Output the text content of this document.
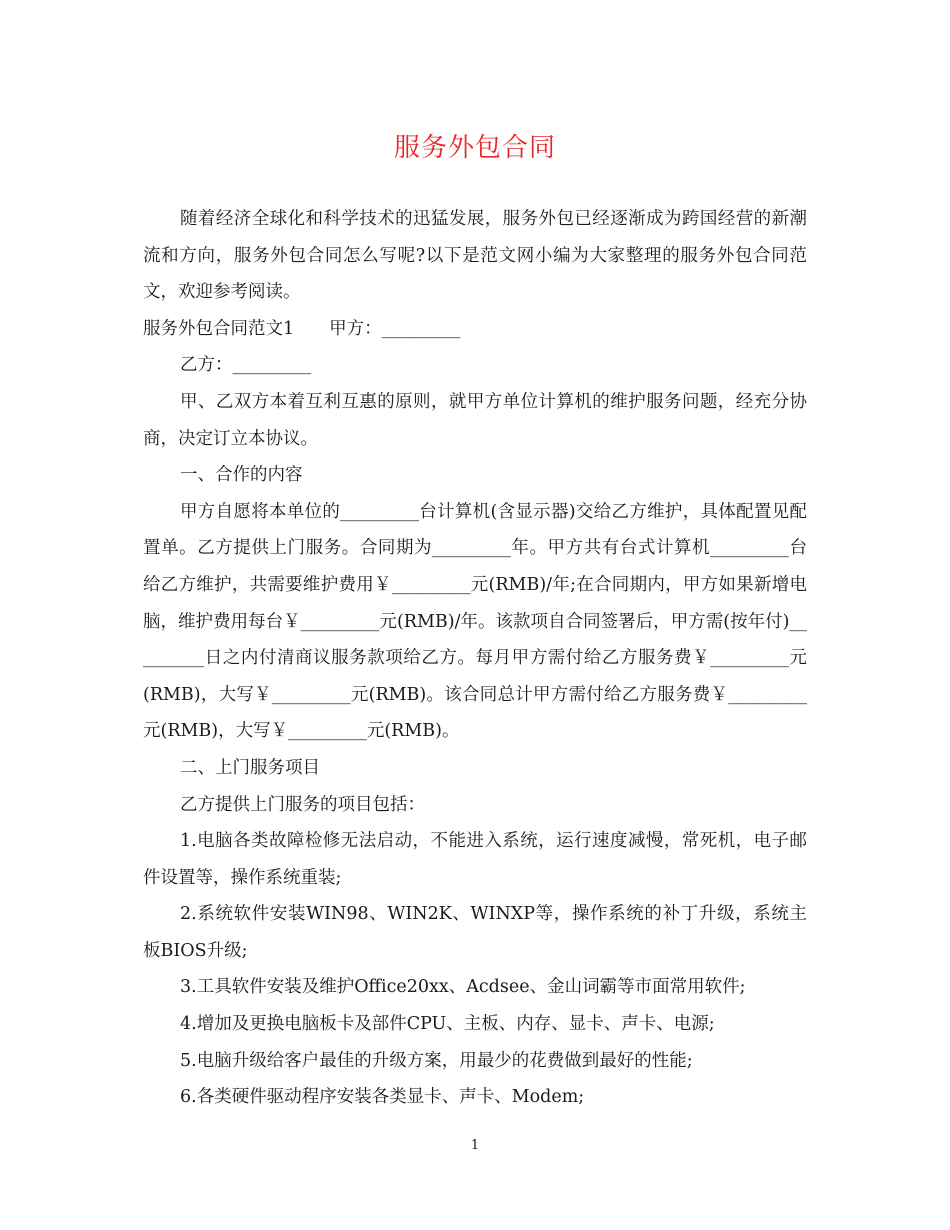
服务外包合同

随着经济全球化和科学技术的迅猛发展，服务外包已经逐渐成为跨国经营的新潮流和方向，服务外包合同怎么写呢?以下是范文网小编为大家整理的服务外包合同范文，欢迎参考阅读。

服务外包合同范文1　　甲方：_________

乙方：_________

甲、乙双方本着互利互惠的原则，就甲方单位计算机的维护服务问题，经充分协商，决定订立本协议。

一、合作的内容

甲方自愿将本单位的_________台计算机(含显示器)交给乙方维护，具体配置见配置单。乙方提供上门服务。合同期为_________年。甲方共有台式计算机_________台给乙方维护，共需要维护费用￥_________元(RMB)/年;在合同期内，甲方如果新增电脑，维护费用每台￥_________元(RMB)/年。该款项自合同签署后，甲方需(按年付)_________日之内付清商议服务款项给乙方。每月甲方需付给乙方服务费￥_________元(RMB)，大写￥_________元(RMB)。该合同总计甲方需付给乙方服务费￥_________元(RMB)，大写￥_________元(RMB)。

二、上门服务项目

乙方提供上门服务的项目包括：

1.电脑各类故障检修无法启动，不能进入系统，运行速度减慢，常死机，电子邮件设置等，操作系统重装;

2.系统软件安装WIN98、WIN2K、WINXP等，操作系统的补丁升级，系统主板BIOS升级;

3.工具软件安装及维护Office20xx、Acdsee、金山词霸等市面常用软件;

4.增加及更换电脑板卡及部件CPU、主板、内存、显卡、声卡、电源;

5.电脑升级给客户最佳的升级方案，用最少的花费做到最好的性能;

6.各类硬件驱动程序安装各类显卡、声卡、Modem;

1
